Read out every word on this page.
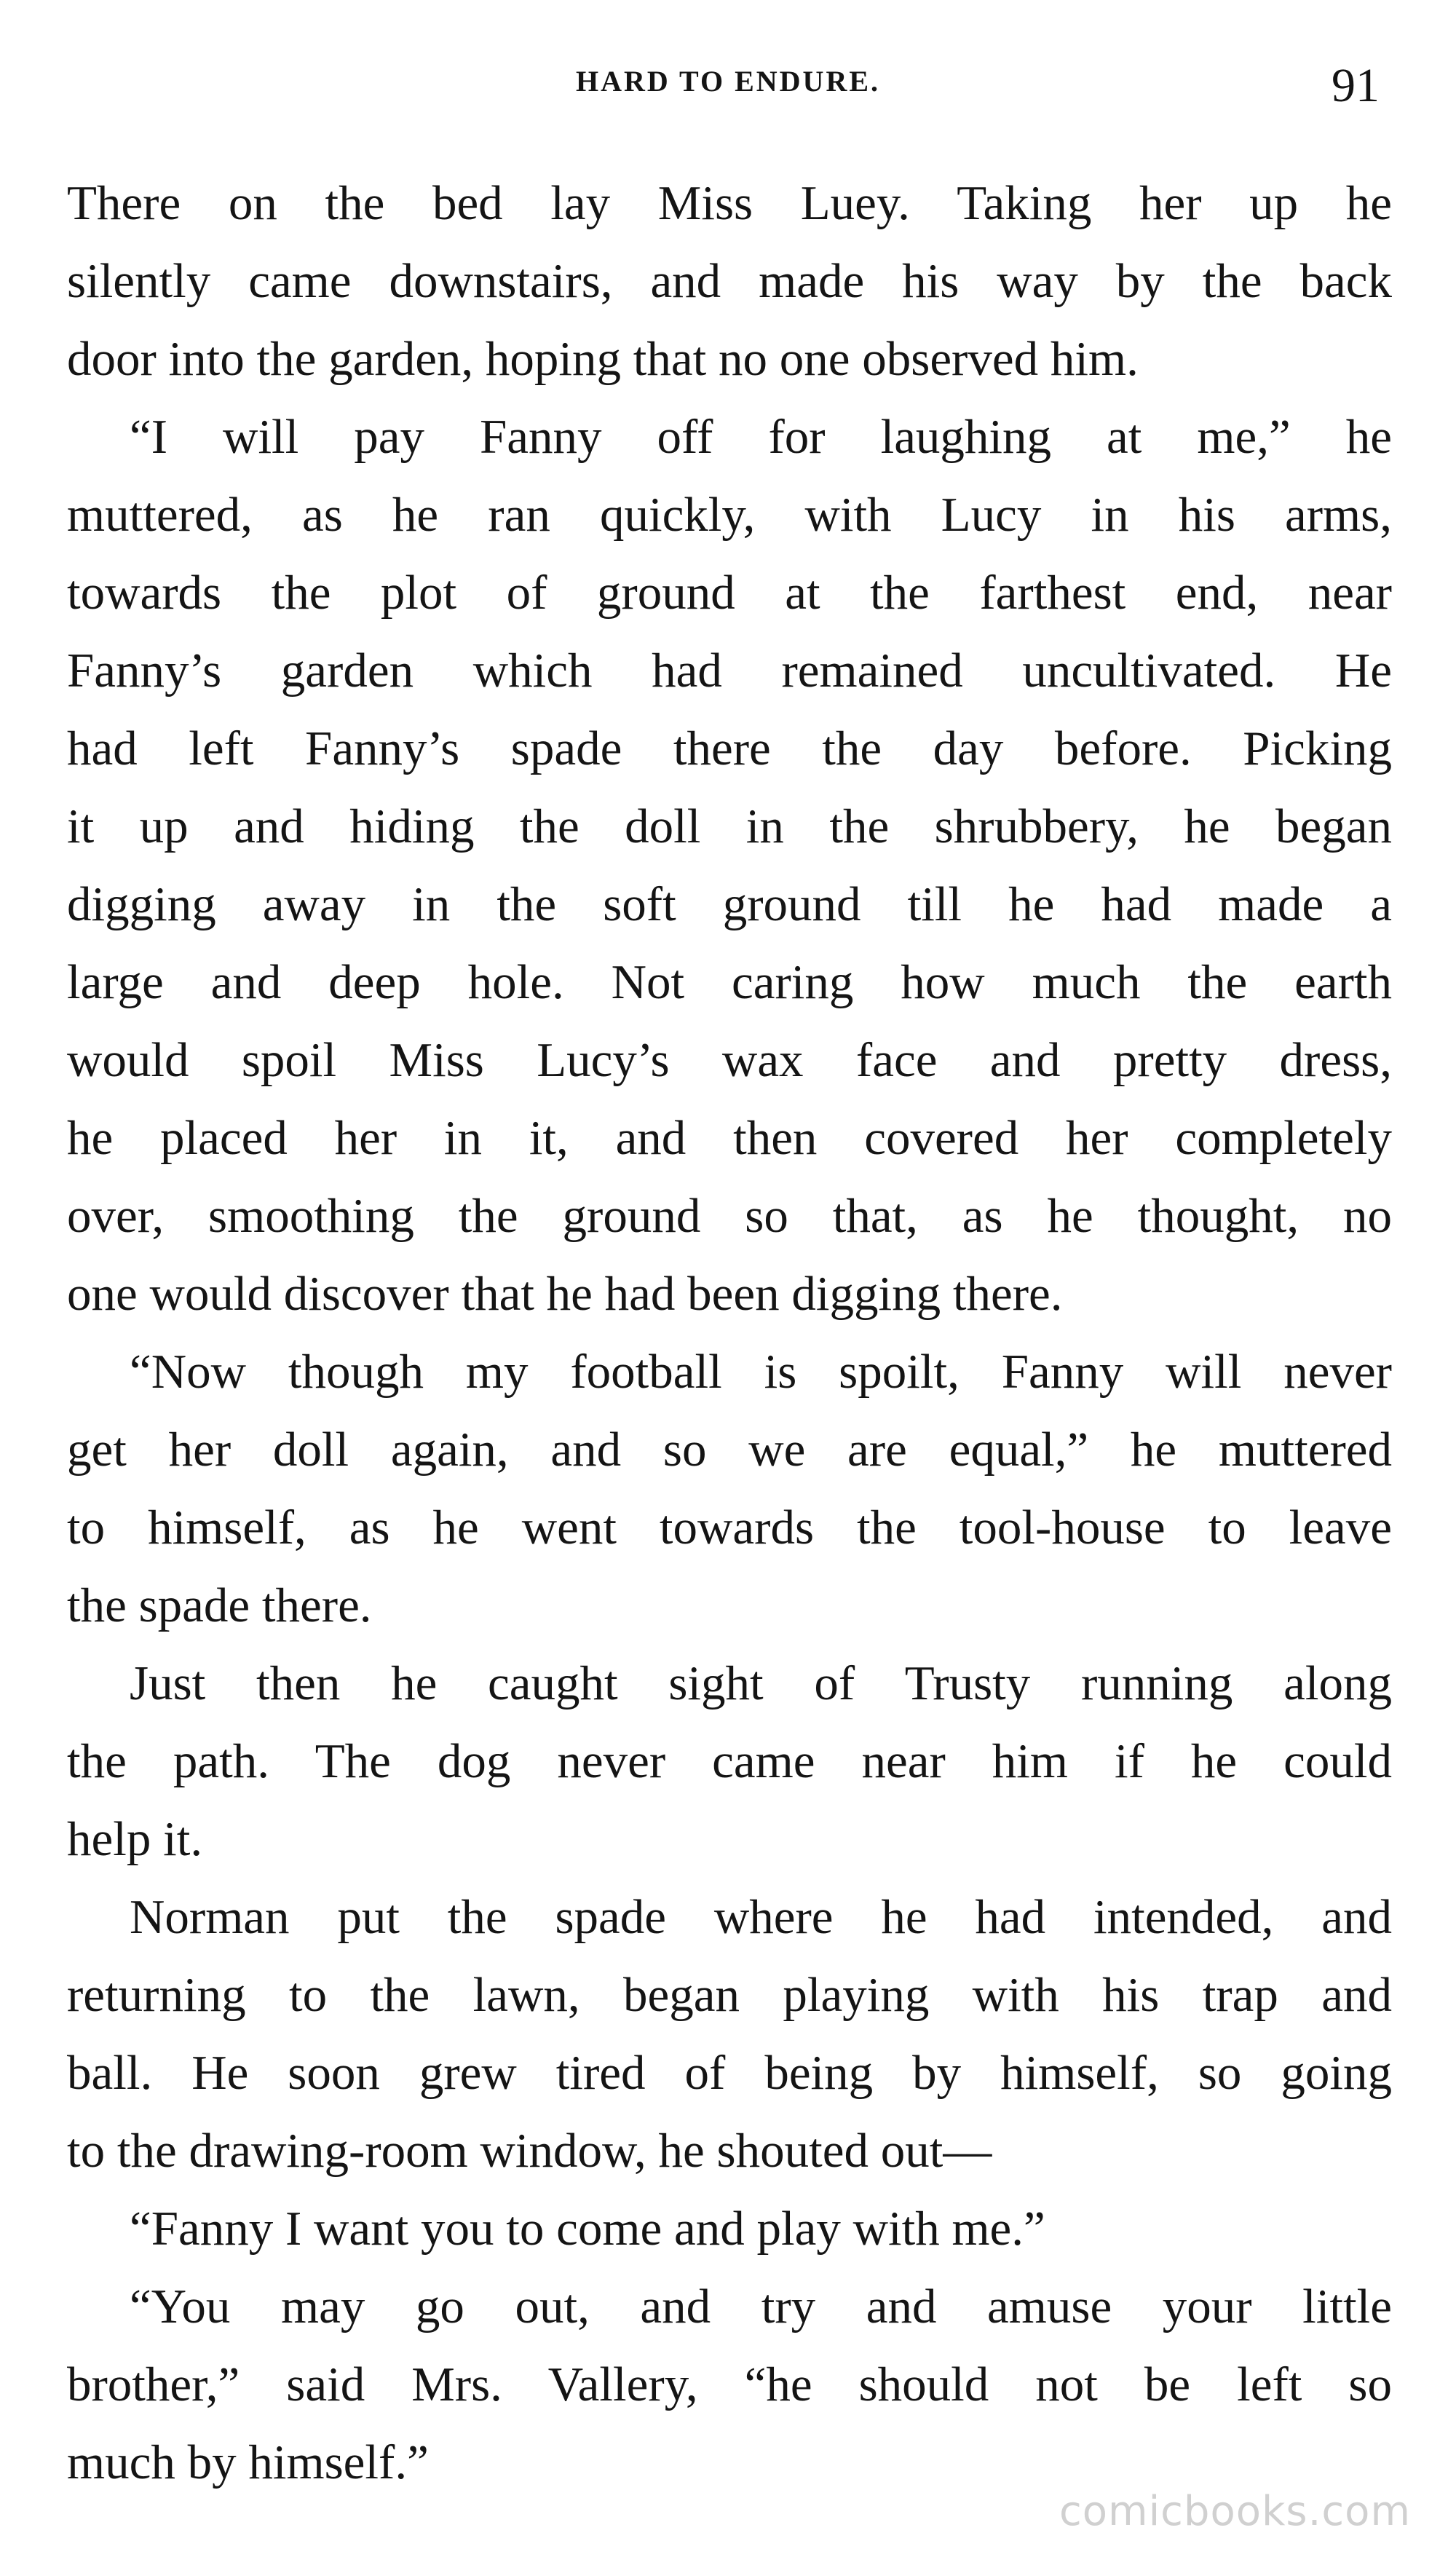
HARD TO ENDURE.	91
There on the bed lay Miss Luey. Taking her up he
silently came downstairs, and made his way by the back
door into the garden, hoping that no one observed him.
“I will pay Fanny off for laughing at me,” he
muttered, as he ran quickly, with Lucy in his arms,
towards the plot of ground at the farthest end, near
Fanny’s garden which had remained uncultivated. He
had left Fanny’s spade there the day before. Picking
it up and hiding the doll in the shrubbery, he began
digging away in the soft ground till he had made a
large and deep hole. Not caring how much the earth
would spoil Miss Lucy’s wax face and pretty dress,
he placed her in it, and then covered her completely
over, smoothing the ground so that, as he thought, no
one would discover that he had been digging there.
“Now though my football is spoilt, Fanny will never
get her doll again, and so we are equal,” he muttered
to himself, as he went towards the tool-house to leave
the spade there.
Just then he caught sight of Trusty running along
the path. The dog never came near him if he could
help it.
Norman put the spade where he had intended, and
returning to the lawn, began playing with his trap and
ball. He soon grew tired of being by himself, so going
to the drawing-room window, he shouted out—
“Fanny I want you to come and play with me.”
“You may go out, and try and amuse your little
brother,” said Mrs. Vallery, “he should not be left so
much by himself.”
comicbooks.com
